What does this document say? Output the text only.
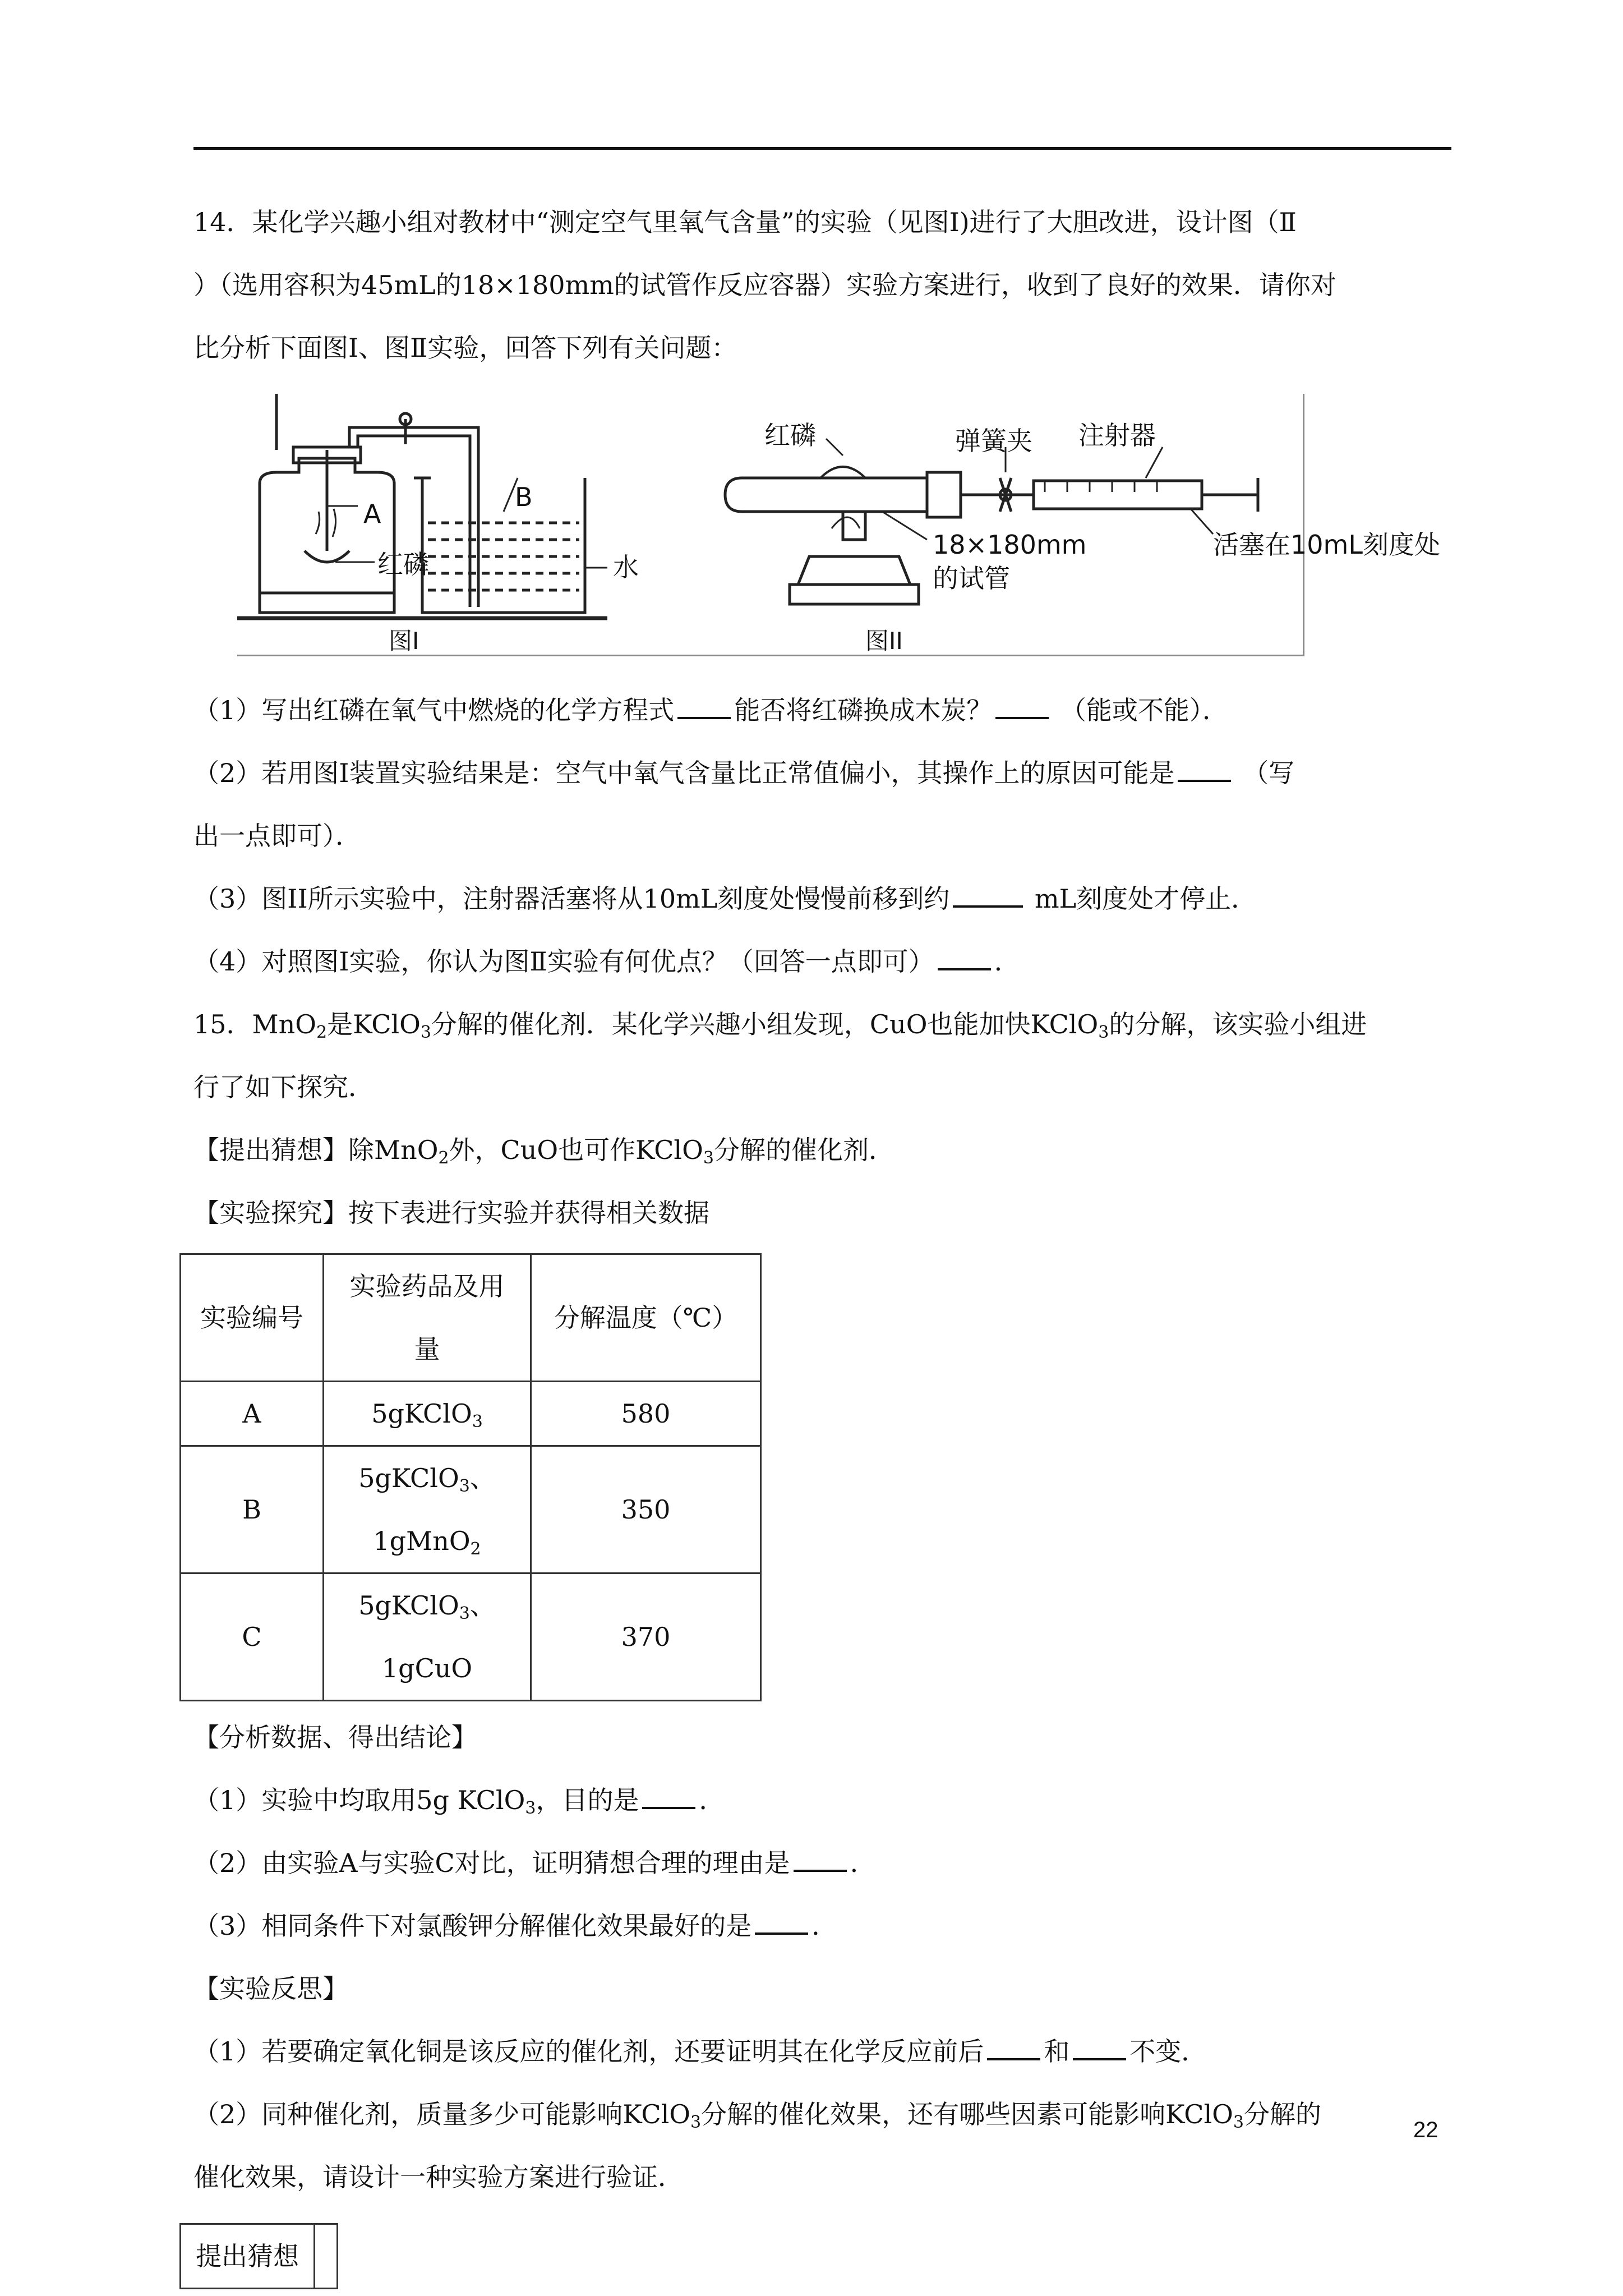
14．某化学兴趣小组对教材中“测定空气里氧气含量”的实验（见图I)进行了大胆改进，设计图（Ⅱ

）（选用容积为45mL的18×180mm的试管作反应容器）实验方案进行，收到了良好的效果．请你对

比分析下面图Ⅰ、图Ⅱ实验，回答下列有关问题：

A
B
红磷	水
图I
红磷	弹簧夹 注射器
18×180mm
的试管
活塞在10mL刻度处
图II

（1）写出红磷在氧气中燃烧的化学方程式 能否将红磷换成木炭？	（能或不能）．

（2）若用图Ⅰ装置实验结果是：空气中氧气含量比正常值偏小，其操作上的原因可能是	（写

出一点即可）．

（3）图II所示实验中，注射器活塞将从10mL刻度处慢慢前移到约	mL刻度处才停止．

（4）对照图Ⅰ实验，你认为图Ⅱ实验有何优点？（回答一点即可） ．

15．MnO$_2$是KClO$_3$分解的催化剂．某化学兴趣小组发现，CuO也能加快KClO$_3$的分解，该实验小组进

行了如下探究．

【提出猜想】除MnO$_2$外，CuO也可作KClO$_3$分解的催化剂．

【实验探究】按下表进行实验并获得相关数据

实验编号	实验药品及用量	分解温度（℃）
A	5gKClO$_3$	580
B	5gKClO$_3$、1gMnO$_2$	350
C	5gKClO$_3$、1gCuO	370

【分析数据、得出结论】

（1）实验中均取用5g KClO$_3$，目的是 ．

（2）由实验A与实验C对比，证明猜想合理的理由是 ．

（3）相同条件下对氯酸钾分解催化效果最好的是 ．

【实验反思】

（1）若要确定氧化铜是该反应的催化剂，还要证明其在化学反应前后 和 不变．

（2）同种催化剂，质量多少可能影响KClO$_3$分解的催化效果，还有哪些因素可能影响KClO$_3$分解的

催化效果，请设计一种实验方案进行验证．

提出猜想	
22
